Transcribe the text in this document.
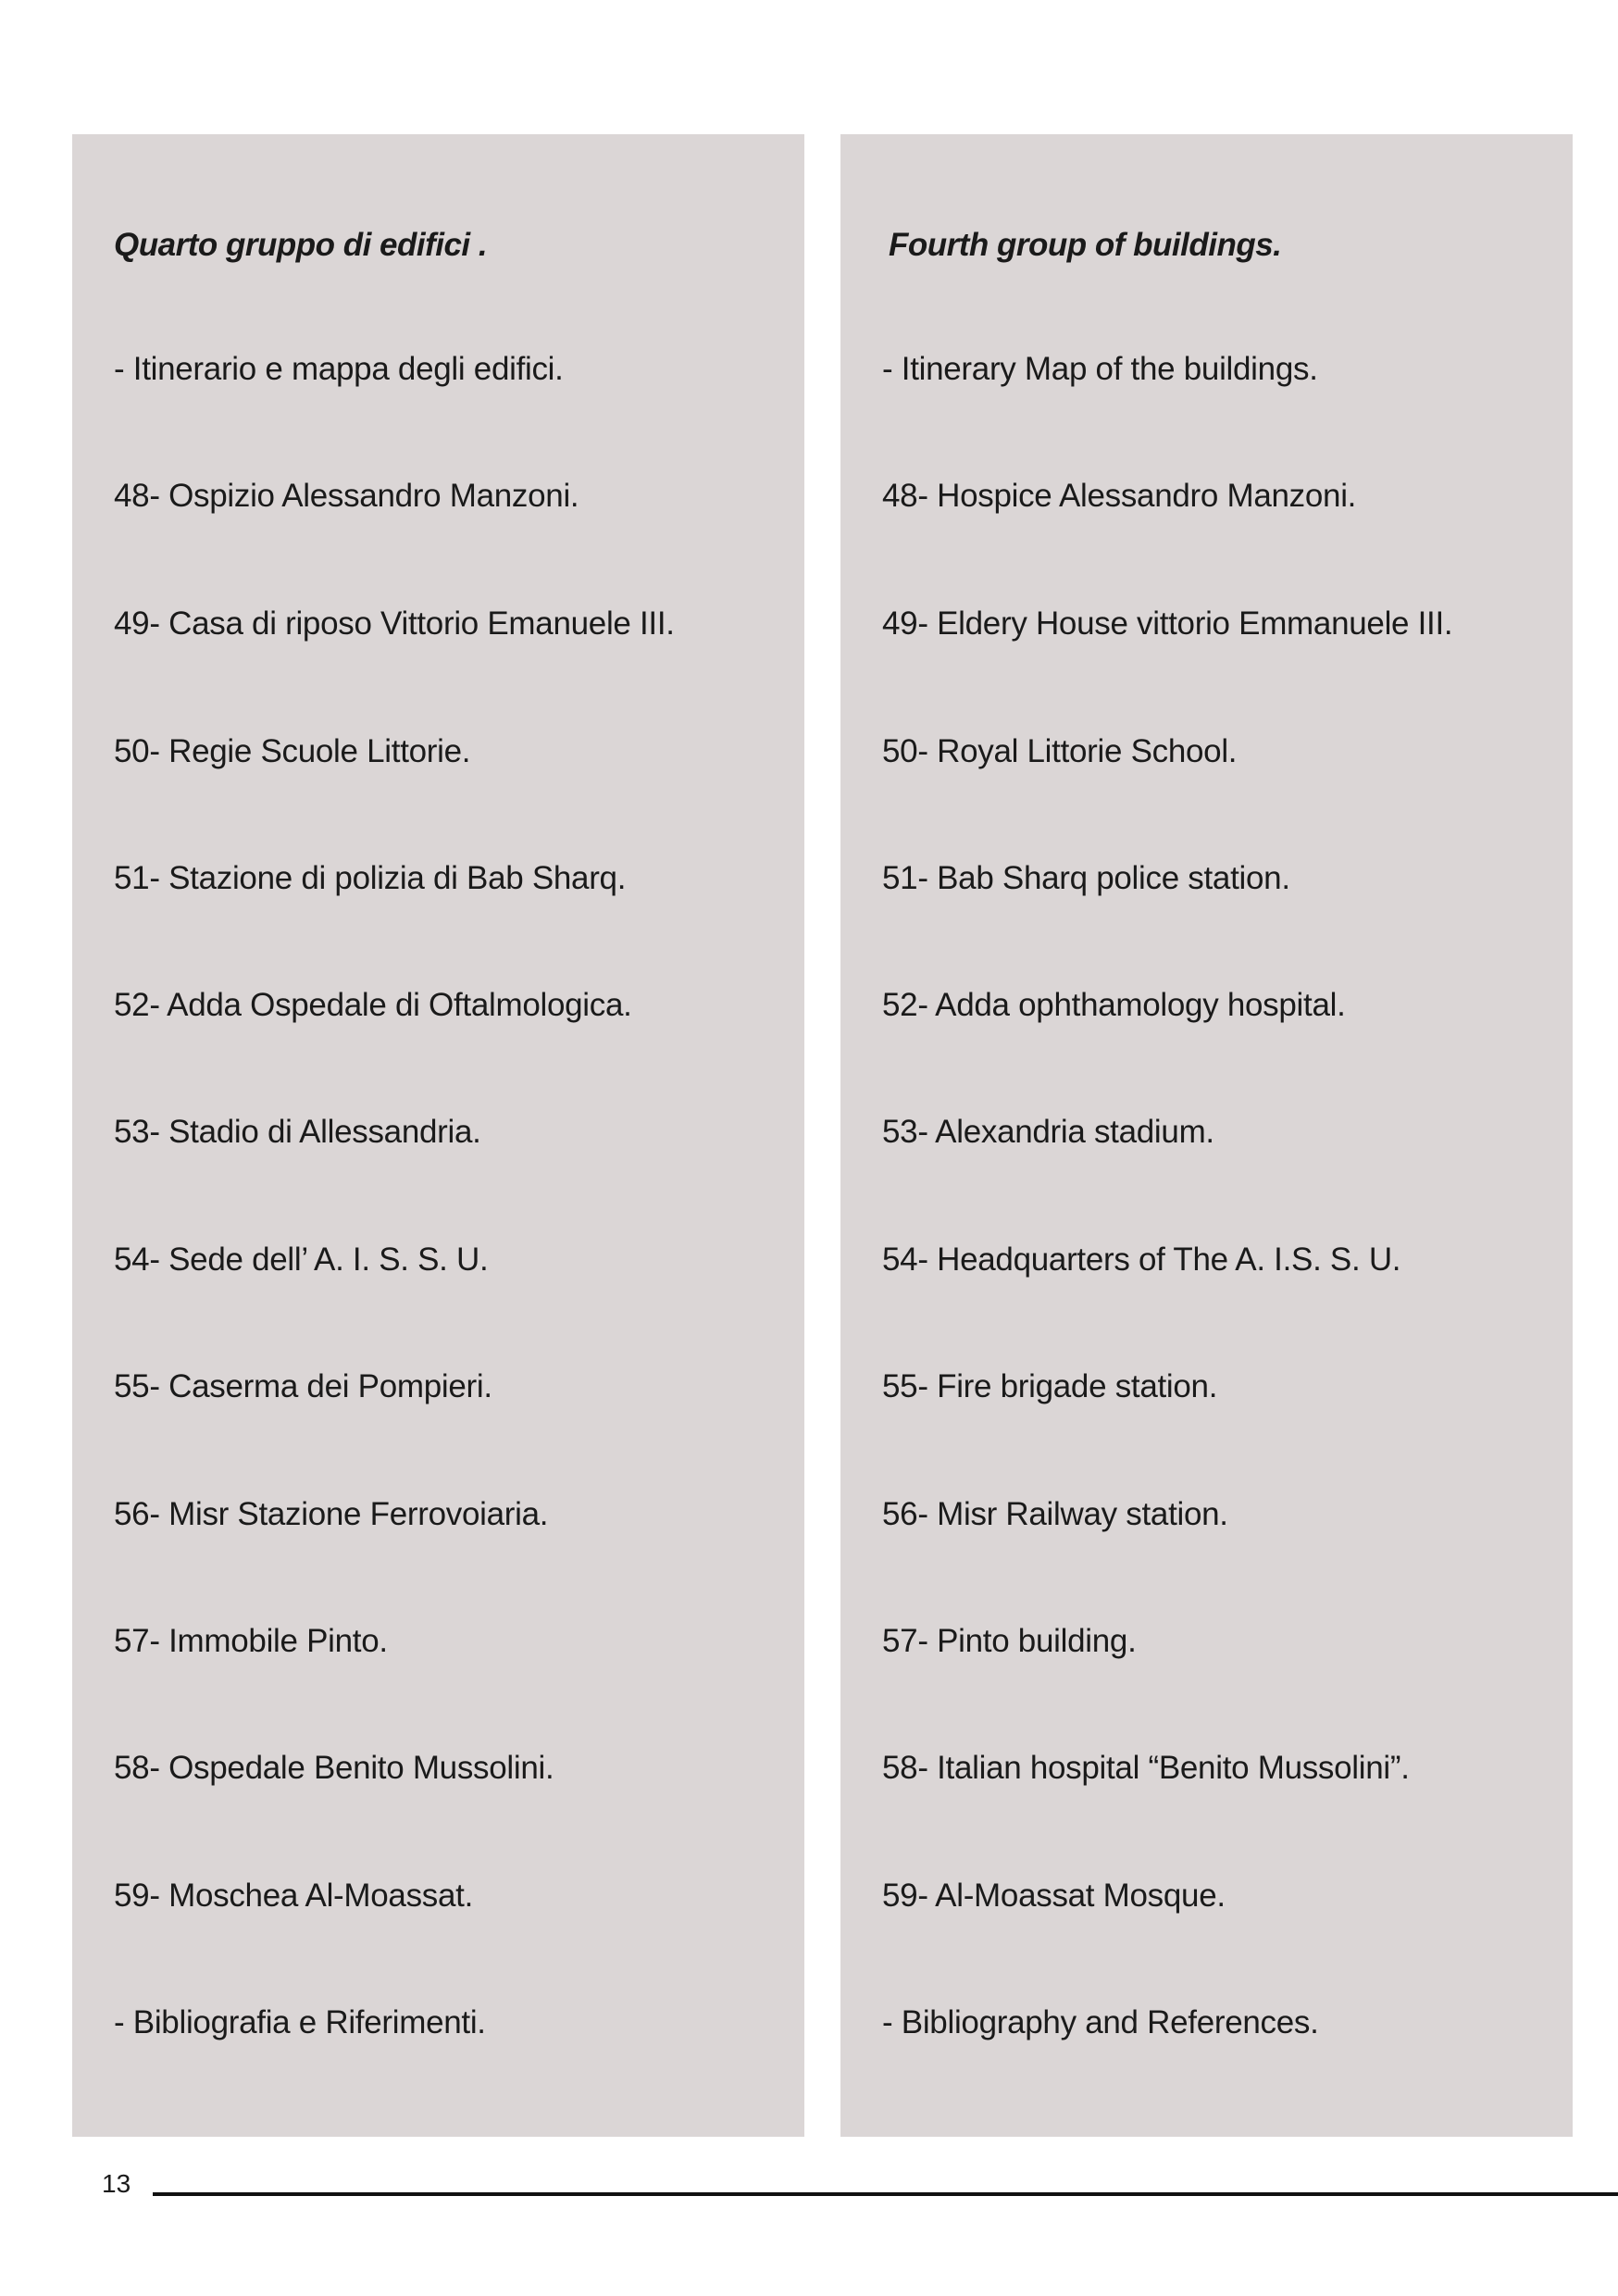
Quarto gruppo di edifici .
- Itinerario e mappa degli edifici.
48- Ospizio Alessandro Manzoni.
49- Casa di riposo Vittorio Emanuele III.
50- Regie Scuole Littorie.
51- Stazione di polizia di Bab Sharq.
52- Adda Ospedale di Oftalmologica.
53- Stadio di Allessandria.
54- Sede dell’ A. I. S. S. U.
55- Caserma dei Pompieri.
56- Misr Stazione Ferrovoiaria.
57- Immobile Pinto.
58- Ospedale Benito Mussolini.
59- Moschea Al-Moassat.
- Bibliografia e Riferimenti.
Fourth group of buildings.
- Itinerary Map of the buildings.
48- Hospice Alessandro Manzoni.
49- Eldery House vittorio Emmanuele III.
50- Royal Littorie School.
51- Bab Sharq police station.
52- Adda ophthamology hospital.
53- Alexandria stadium.
54- Headquarters of The A. I.S. S. U.
55- Fire brigade station.
56- Misr Railway station.
57- Pinto building.
58- Italian hospital “Benito Mussolini”.
59- Al-Moassat Mosque.
- Bibliography and References.
13
